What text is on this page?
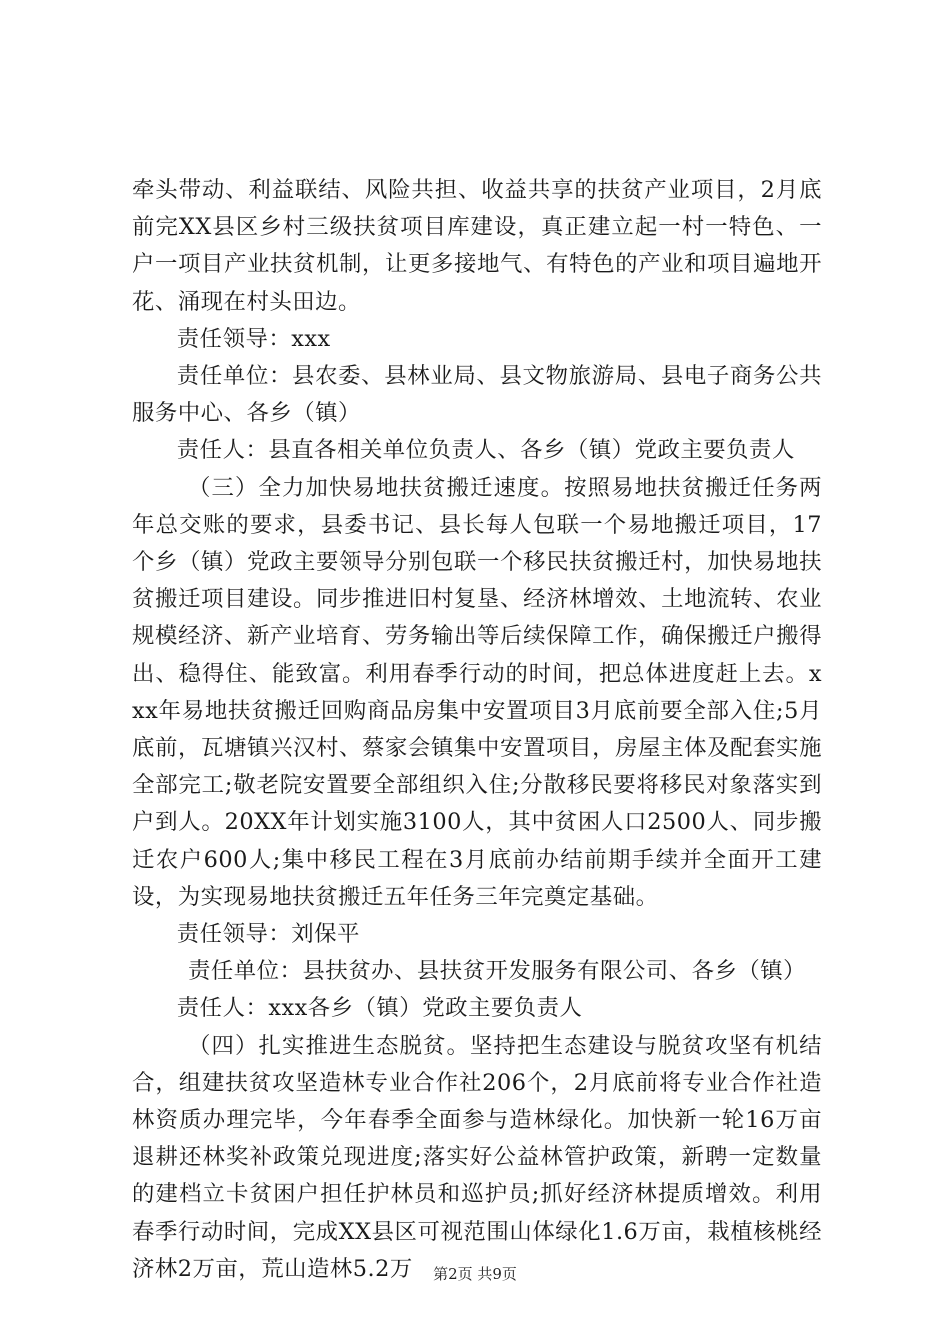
牵头带动、利益联结、风险共担、收益共享的扶贫产业项目，2月底前完XX县区乡村三级扶贫项目库建设，真正建立起一村一特色、一户一项目产业扶贫机制，让更多接地气、有特色的产业和项目遍地开花、涌现在村头田边。

责任领导：xxx

责任单位：县农委、县林业局、县文物旅游局、县电子商务公共服务中心、各乡（镇）

责任人：县直各相关单位负责人、各乡（镇）党政主要负责人

（三）全力加快易地扶贫搬迁速度。按照易地扶贫搬迁任务两年总交账的要求，县委书记、县长每人包联一个易地搬迁项目，17个乡（镇）党政主要领导分别包联一个移民扶贫搬迁村，加快易地扶贫搬迁项目建设。同步推进旧村复垦、经济林增效、土地流转、农业规模经济、新产业培育、劳务输出等后续保障工作，确保搬迁户搬得出、稳得住、能致富。利用春季行动的时间，把总体进度赶上去。xxx年易地扶贫搬迁回购商品房集中安置项目3月底前要全部入住;5月底前，瓦塘镇兴汉村、蔡家会镇集中安置项目，房屋主体及配套实施全部完工;敬老院安置要全部组织入住;分散移民要将移民对象落实到户到人。20XX年计划实施3100人，其中贫困人口2500人、同步搬迁农户600人;集中移民工程在3月底前办结前期手续并全面开工建设，为实现易地扶贫搬迁五年任务三年完奠定基础。

责任领导：刘保平

责任单位：县扶贫办、县扶贫开发服务有限公司、各乡（镇）

责任人：xxx各乡（镇）党政主要负责人

（四）扎实推进生态脱贫。坚持把生态建设与脱贫攻坚有机结合，组建扶贫攻坚造林专业合作社206个，2月底前将专业合作社造林资质办理完毕，今年春季全面参与造林绿化。加快新一轮16万亩退耕还林奖补政策兑现进度;落实好公益林管护政策，新聘一定数量的建档立卡贫困户担任护林员和巡护员;抓好经济林提质增效。利用春季行动时间，完成XX县区可视范围山体绿化1.6万亩，栽植核桃经济林2万亩，荒山造林5.2万	第2页 共9页
